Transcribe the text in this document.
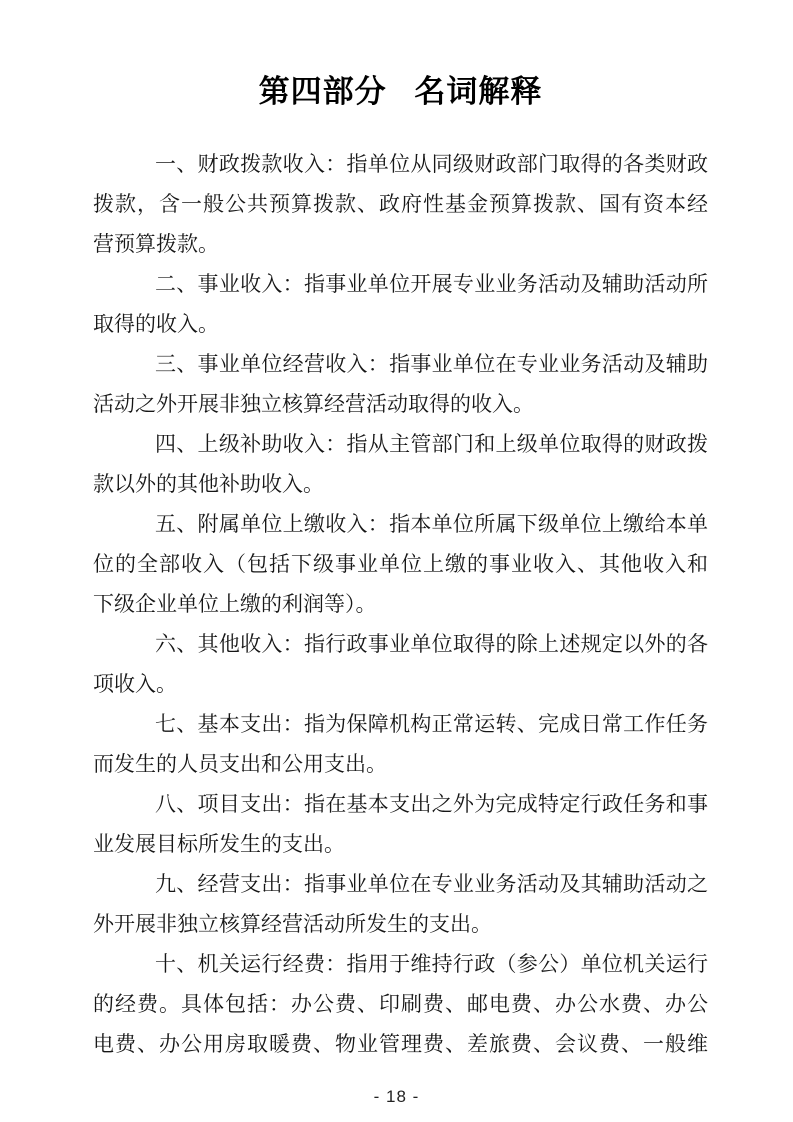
第四部分 名词解释
一、财政拨款收入：指单位从同级财政部门取得的各类财政
拨款，含一般公共预算拨款、政府性基金预算拨款、国有资本经
营预算拨款。
二、事业收入：指事业单位开展专业业务活动及辅助活动所
取得的收入。
三、事业单位经营收入：指事业单位在专业业务活动及辅助
活动之外开展非独立核算经营活动取得的收入。
四、上级补助收入：指从主管部门和上级单位取得的财政拨
款以外的其他补助收入。
五、附属单位上缴收入：指本单位所属下级单位上缴给本单
位的全部收入（包括下级事业单位上缴的事业收入、其他收入和
下级企业单位上缴的利润等）。
六、其他收入：指行政事业单位取得的除上述规定以外的各
项收入。
七、基本支出：指为保障机构正常运转、完成日常工作任务
而发生的人员支出和公用支出。
八、项目支出：指在基本支出之外为完成特定行政任务和事
业发展目标所发生的支出。
九、经营支出：指事业单位在专业业务活动及其辅助活动之
外开展非独立核算经营活动所发生的支出。
十、机关运行经费：指用于维持行政（参公）单位机关运行
的经费。具体包括：办公费、印刷费、邮电费、办公水费、办公
电费、办公用房取暖费、物业管理费、差旅费、会议费、一般维
- 18 -
